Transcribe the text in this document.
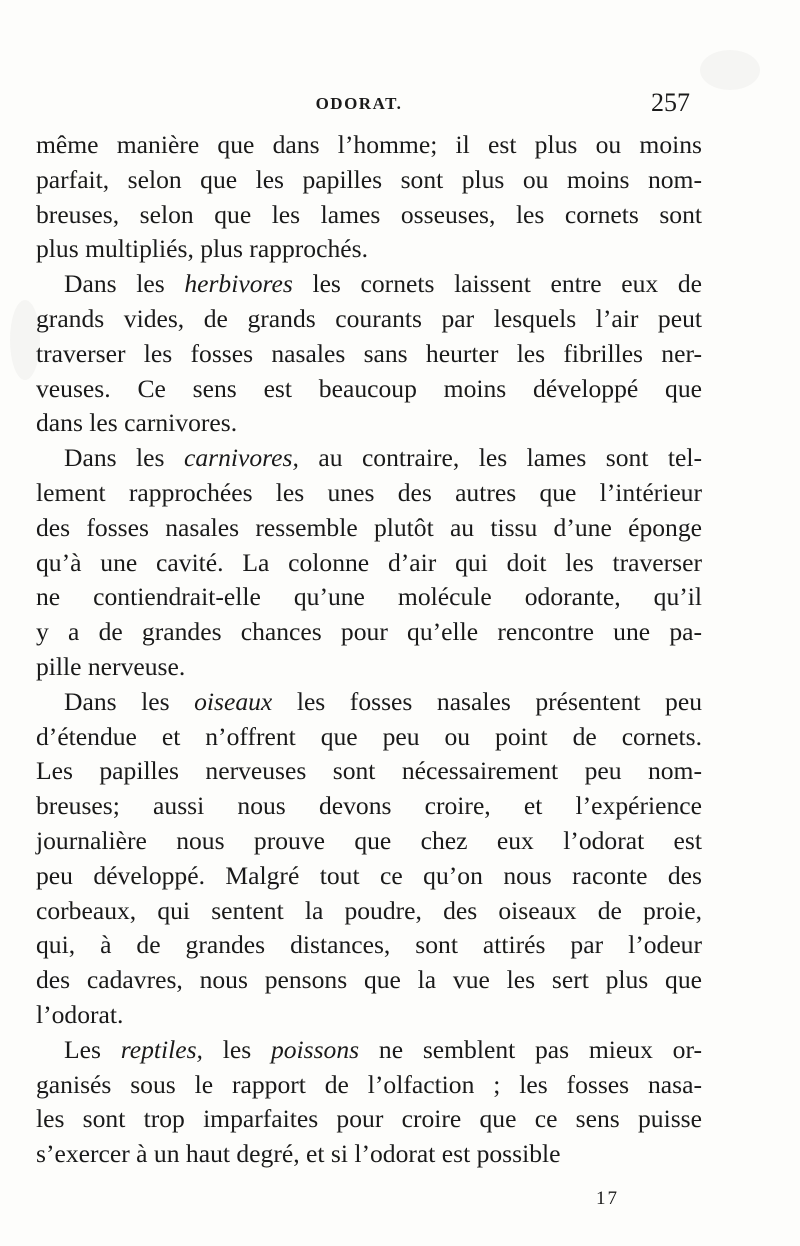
ODORAT.	257
même manière que dans l’homme; il est plus ou moins
parfait, selon que les papilles sont plus ou moins nom-
breuses, selon que les lames osseuses, les cornets sont
plus multipliés, plus rapprochés.
Dans les herbivores les cornets laissent entre eux de
grands vides, de grands courants par lesquels l’air peut
traverser les fosses nasales sans heurter les fibrilles ner-
veuses. Ce sens est beaucoup moins développé que
dans les carnivores.
Dans les carnivores, au contraire, les lames sont tel-
lement rapprochées les unes des autres que l’intérieur
des fosses nasales ressemble plutôt au tissu d’une éponge
qu’à une cavité. La colonne d’air qui doit les traverser
ne contiendrait-elle qu’une molécule odorante, qu’il
y a de grandes chances pour qu’elle rencontre une pa-
pille nerveuse.
Dans les oiseaux les fosses nasales présentent peu
d’étendue et n’offrent que peu ou point de cornets.
Les papilles nerveuses sont nécessairement peu nom-
breuses; aussi nous devons croire, et l’expérience
journalière nous prouve que chez eux l’odorat est
peu développé. Malgré tout ce qu’on nous raconte des
corbeaux, qui sentent la poudre, des oiseaux de proie,
qui, à de grandes distances, sont attirés par l’odeur
des cadavres, nous pensons que la vue les sert plus que
l’odorat.
Les reptiles, les poissons ne semblent pas mieux or-
ganisés sous le rapport de l’olfaction ; les fosses nasa-
les sont trop imparfaites pour croire que ce sens puisse
s’exercer à un haut degré, et si l’odorat est possible
17
